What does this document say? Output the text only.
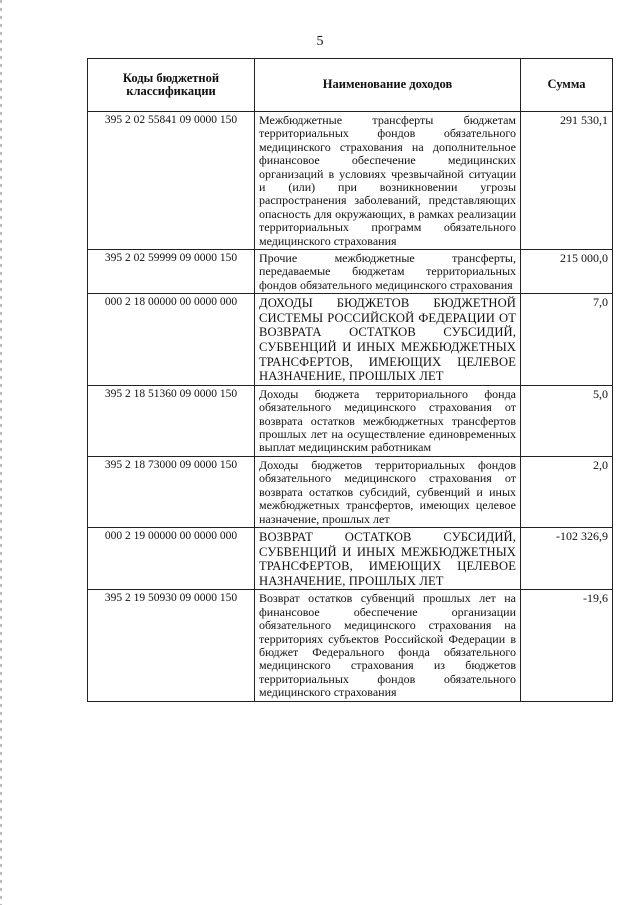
5
Коды бюджетной классификации	Наименование доходов	Сумма
395 2 02 55841 09 0000 150	Межбюджетные трансферты бюджетам территориальных фондов обязательного медицинского страхования на дополнительное финансовое обеспечение медицинских организаций в условиях чрезвычайной ситуации и (или) при возникновении угрозы распространения заболеваний, представляющих опасность для окружающих, в рамках реализации территориальных программ обязательного медицинского страхования	291 530,1
395 2 02 59999 09 0000 150	Прочие межбюджетные трансферты, передаваемые бюджетам территориальных фондов обязательного медицинского страхования	215 000,0
000 2 18 00000 00 0000 000	ДОХОДЫ БЮДЖЕТОВ БЮДЖЕТНОЙ СИСТЕМЫ РОССИЙСКОЙ ФЕДЕРАЦИИ ОТ ВОЗВРАТА ОСТАТКОВ СУБСИДИЙ, СУБВЕНЦИЙ И ИНЫХ МЕЖБЮДЖЕТНЫХ ТРАНСФЕРТОВ, ИМЕЮЩИХ ЦЕЛЕВОЕ НАЗНАЧЕНИЕ, ПРОШЛЫХ ЛЕТ	7,0
395 2 18 51360 09 0000 150	Доходы бюджета территориального фонда обязательного медицинского страхования от возврата остатков межбюджетных трансфертов прошлых лет на осуществление единовременных выплат медицинским работникам	5,0
395 2 18 73000 09 0000 150	Доходы бюджетов территориальных фондов обязательного медицинского страхования от возврата остатков субсидий, субвенций и иных межбюджетных трансфертов, имеющих целевое назначение, прошлых лет	2,0
000 2 19 00000 00 0000 000	ВОЗВРАТ ОСТАТКОВ СУБСИДИЙ, СУБВЕНЦИЙ И ИНЫХ МЕЖБЮДЖЕТНЫХ ТРАНСФЕРТОВ, ИМЕЮЩИХ ЦЕЛЕВОЕ НАЗНАЧЕНИЕ, ПРОШЛЫХ ЛЕТ	-102 326,9
395 2 19 50930 09 0000 150	Возврат остатков субвенций прошлых лет на финансовое обеспечение организации обязательного медицинского страхования на территориях субъектов Российской Федерации в бюджет Федерального фонда обязательного медицинского страхования из бюджетов территориальных фондов обязательного медицинского страхования	-19,6
